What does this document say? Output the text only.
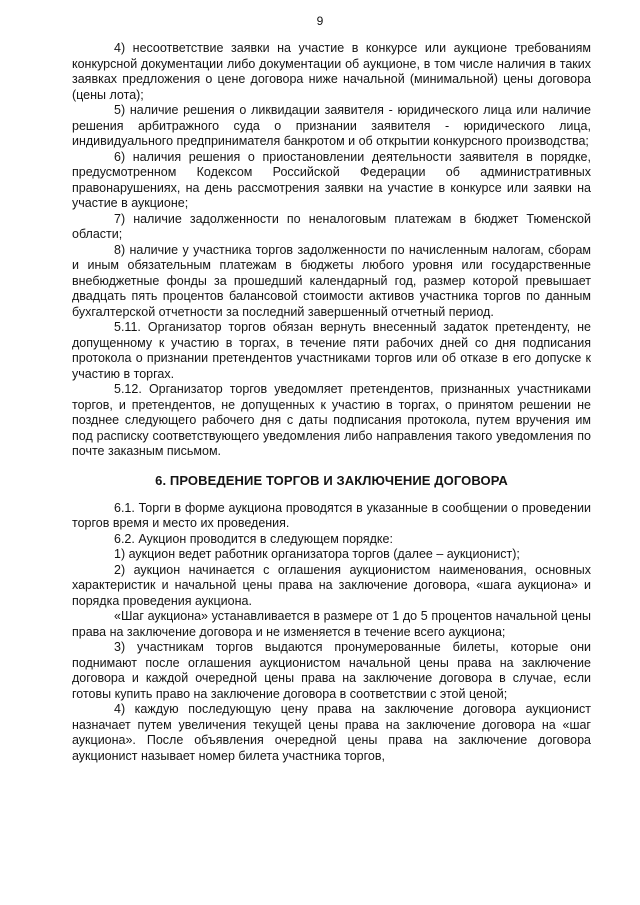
9

4) несоответствие заявки на участие в конкурсе или аукционе требованиям конкурсной документации либо документации об аукционе, в том числе наличия в таких заявках предложения о цене договора ниже начальной (минимальной) цены договора (цены лота);

5) наличие решения о ликвидации заявителя - юридического лица или наличие решения арбитражного суда о признании заявителя - юридического лица, индивидуального предпринимателя банкротом и об открытии конкурсного производства;

6) наличия решения о приостановлении деятельности заявителя в порядке, предусмотренном Кодексом Российской Федерации об административных правонарушениях, на день рассмотрения заявки на участие в конкурсе или заявки на участие в аукционе;

7) наличие задолженности по неналоговым платежам в бюджет Тюменской области;

8) наличие у участника торгов задолженности по начисленным налогам, сборам и иным обязательным платежам в бюджеты любого уровня или государственные внебюджетные фонды за прошедший календарный год, размер которой превышает двадцать пять процентов балансовой стоимости активов участника торгов по данным бухгалтерской отчетности за последний завершенный отчетный период.

5.11. Организатор торгов обязан вернуть внесенный задаток претенденту, не допущенному к участию в торгах, в течение пяти рабочих дней со дня подписания протокола о признании претендентов участниками торгов или об отказе в его допуске к участию в торгах.

5.12. Организатор торгов уведомляет претендентов, признанных участниками торгов, и претендентов, не допущенных к участию в торгах, о принятом решении не позднее следующего рабочего дня с даты подписания протокола, путем вручения им под расписку соответствующего уведомления либо направления такого уведомления по почте заказным письмом.

6. ПРОВЕДЕНИЕ ТОРГОВ И ЗАКЛЮЧЕНИЕ ДОГОВОРА

6.1. Торги в форме аукциона проводятся в указанные в сообщении о проведении торгов время и место их проведения.

6.2. Аукцион проводится в следующем порядке:

1) аукцион ведет работник организатора торгов (далее – аукционист);

2) аукцион начинается с оглашения аукционистом наименования, основных характеристик и начальной цены права на заключение договора, «шага аукциона» и порядка проведения аукциона.

«Шаг аукциона» устанавливается в размере от 1 до 5 процентов начальной цены права на заключение договора и не изменяется в течение всего аукциона;

3) участникам торгов выдаются пронумерованные билеты, которые они поднимают после оглашения аукционистом начальной цены права на заключение договора и каждой очередной цены права на заключение договора в случае, если готовы купить право на заключение договора в соответствии с этой ценой;

4) каждую последующую цену права на заключение договора аукционист назначает путем увеличения текущей цены права на заключение договора на «шаг аукциона». После объявления очередной цены права на заключение договора аукционист называет номер билета участника торгов,
